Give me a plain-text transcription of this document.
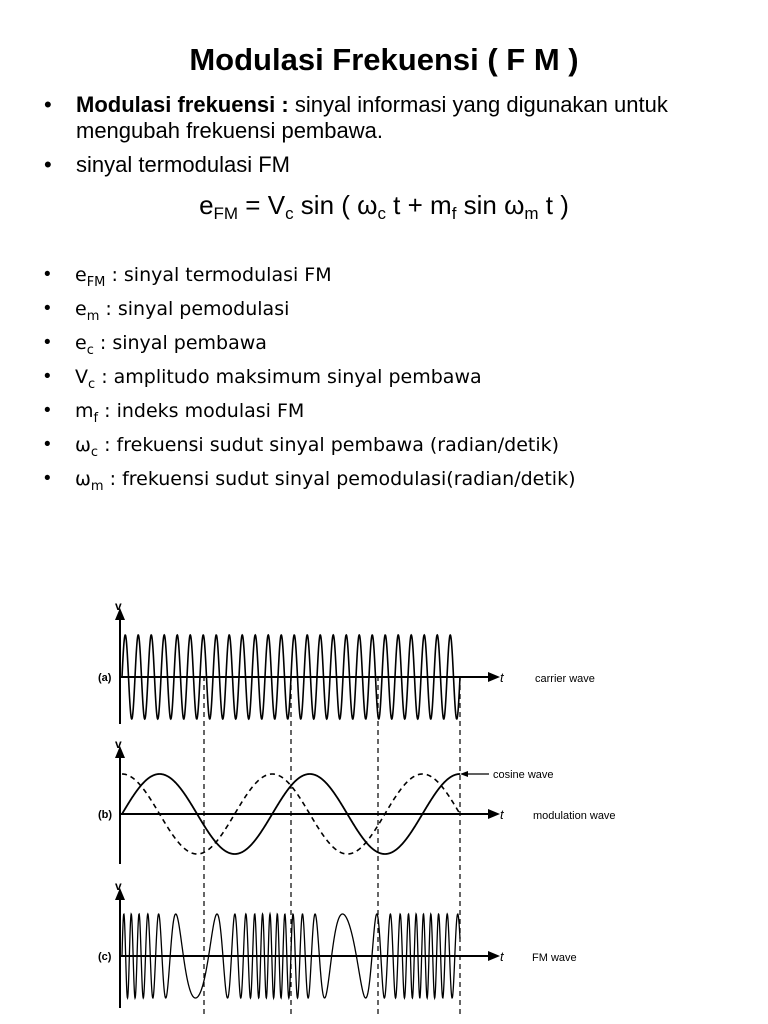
Modulasi Frekuensi ( F M )
• Modulasi frekuensi : sinyal informasi yang digunakan untuk mengubah frekuensi pembawa.
• sinyal termodulasi FM
$e_{FM} = V_c$ sin ( $\omega_c$ $t + m_f$ $\sin \omega_m$ t )
• $e_{FM}$ : sinyal termodulasi FM
• $e_m$ : sinyal pemodulasi
• $e_c$ : sinyal pembawa
• $V_c$ : amplitudo maksimum sinyal pembawa
• $m_f$ : indeks modulasi FM
• $\omega_c$ : frekuensi sudut sinyal pembawa (radian/detik)
• $\omega_m$ : frekuensi sudut sinyal pemodulasi(radian/detik)
v
(a)	t	carrier wave
v
(b)	t
cosine wave
modulation wave
v
(c)	t	FM wave
